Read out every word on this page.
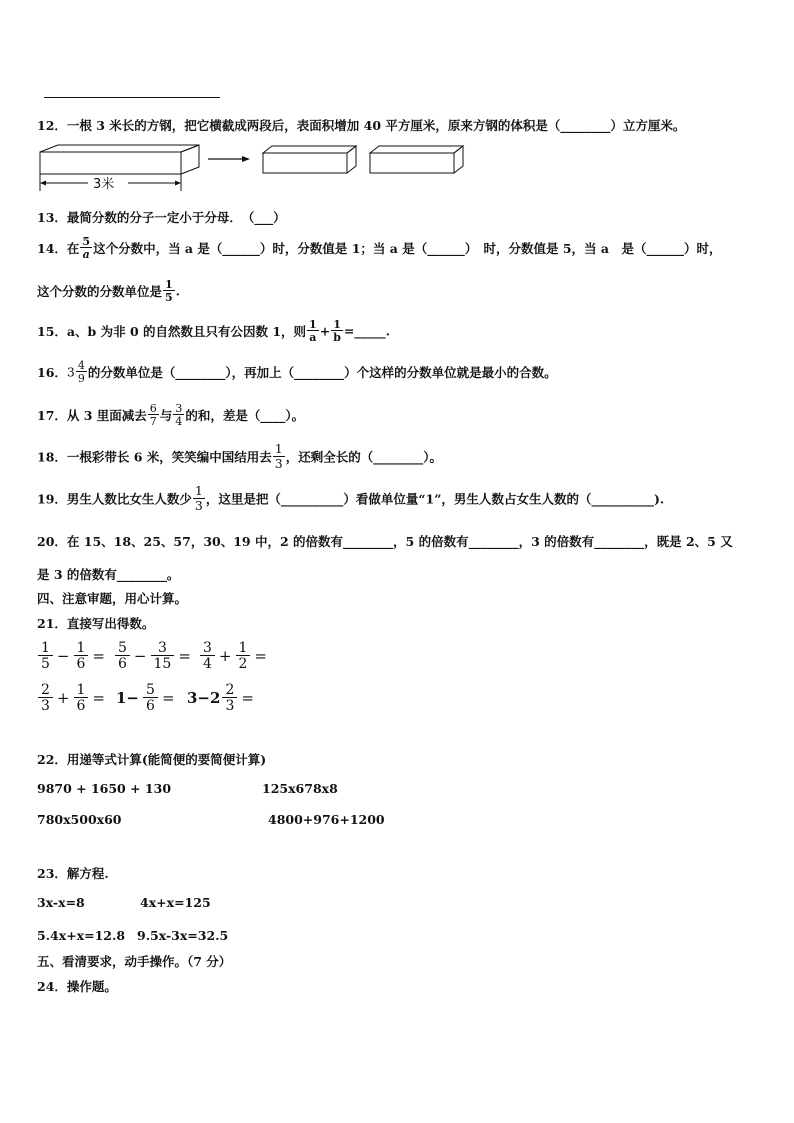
12．一根 3 米长的方钢，把它横截成两段后，表面积增加 40 平方厘米，原来方钢的体积是（________）立方厘米。
3米
13．最简分数的分子一定小于分母．　（___）
14．在 $\frac{5}{a}$ 这个分数中，当 a 是（______）时，分数值是 1；当 a 是（______）　时，分数值是 5，当 a　是（______）时，
这个分数的分数单位是 $\frac{1}{5}$ .
15．a、b 为非 0 的自然数且只有公因数 1，则 $\frac{1}{a} + \frac{1}{b}$ =_____.
16．$3 \frac{4}{9}$ 的分数单位是（________），再加上（________）个这样的分数单位就是最小的合数。
17．从 3 里面减去 $\frac{6}{7}$ 与 $\frac{3}{4}$ 的和，差是（____）。
18．一根彩带长 6 米，笑笑编中国结用去 $\frac{1}{3}$ ，还剩全长的（________）。
19．男生人数比女生人数少 $\frac{1}{3}$ ，这里是把（__________）看做单位量“1”，男生人数占女生人数的（__________).
20．在 15、18、25、57，30、19 中，2 的倍数有________，5 的倍数有________，3 的倍数有________，既是 2、5 又
是 3 的倍数有________。
四、注意审题，用心计算。
21．直接写出得数。
$\frac{1}{5} - \frac{1}{6} = \frac{5}{6} - \frac{3}{15} = \frac{3}{4} + \frac{1}{2}$ =
$\frac{2}{3} + \frac{1}{6} = 1- \frac{5}{6} = 3-2 \frac{2}{3}$ =
22．用递等式计算(能简便的要简便计算)
9870 + 1650 + 130	125x678x8
780x500x60	4800+976+1200
23．解方程.
3x-x=8	4x+x=125
5.4x+x=12.8 9.5x-3x=32.5
五、看清要求，动手操作。（7 分）
24．操作题。
